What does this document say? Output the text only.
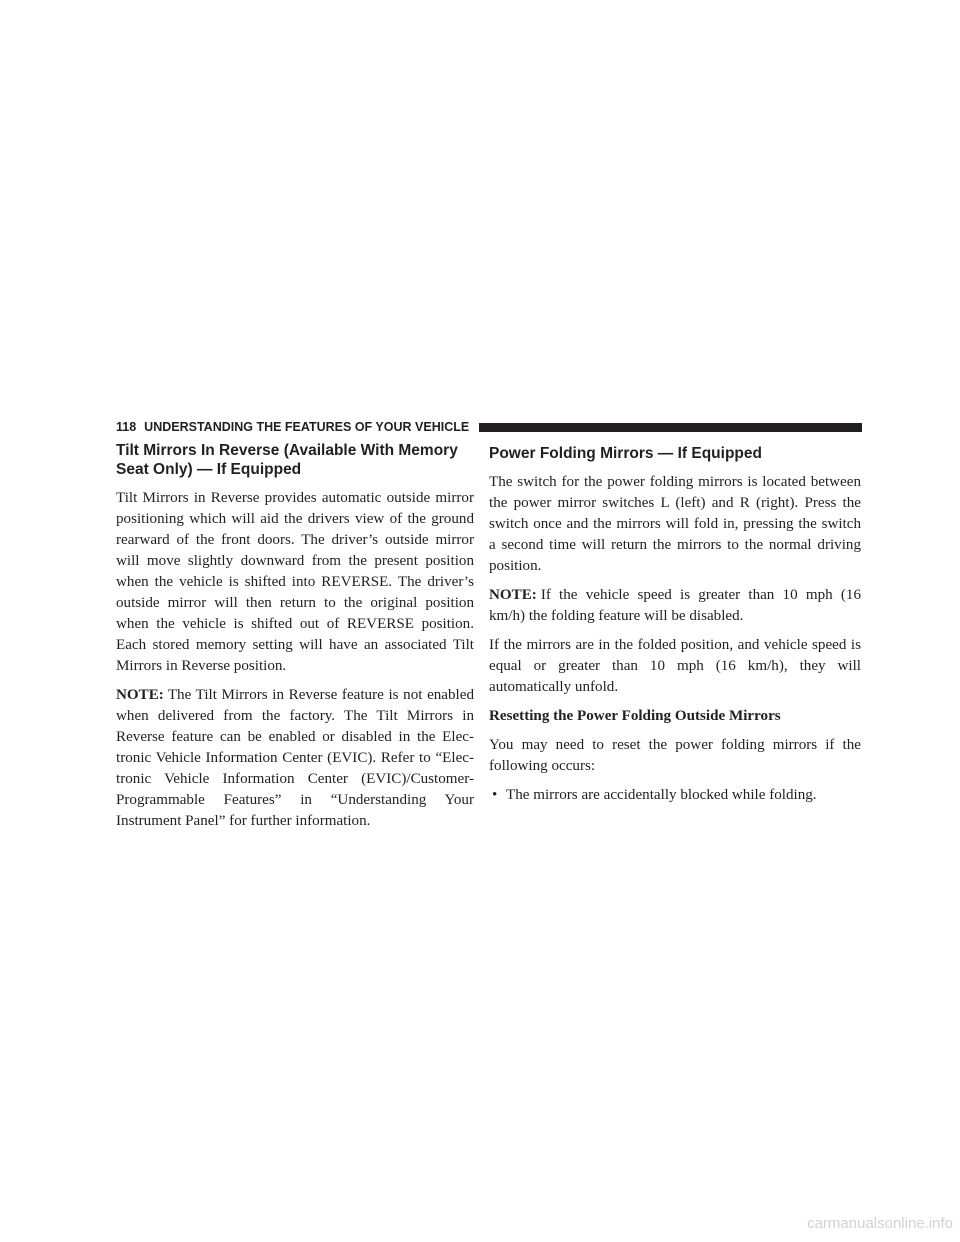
118 UNDERSTANDING THE FEATURES OF YOUR VEHICLE
Tilt Mirrors In Reverse (Available With Memory Seat Only) — If Equipped

Tilt Mirrors in Reverse provides automatic outside mirror positioning which will aid the drivers view of the ground rearward of the front doors. The driver’s outside mirror will move slightly downward from the present position when the vehicle is shifted into REVERSE. The driver’s outside mirror will then return to the original position when the vehicle is shifted out of REVERSE position. Each stored memory setting will have an associated Tilt Mirrors in Reverse position.

NOTE: The Tilt Mirrors in Reverse feature is not enabled when delivered from the factory. The Tilt Mirrors in Reverse feature can be enabled or disabled in the Elec-tronic Vehicle Information Center (EVIC). Refer to “Elec-tronic Vehicle Information Center (EVIC)/Customer-Programmable Features” in “Understanding Your Instrument Panel” for further information.

Power Folding Mirrors — If Equipped

The switch for the power folding mirrors is located between the power mirror switches L (left) and R (right). Press the switch once and the mirrors will fold in, pressing the switch a second time will return the mirrors to the normal driving position.

NOTE: If the vehicle speed is greater than 10 mph (16 km/h) the folding feature will be disabled.

If the mirrors are in the folded position, and vehicle speed is equal or greater than 10 mph (16 km/h), they will automatically unfold.

Resetting the Power Folding Outside Mirrors

You may need to reset the power folding mirrors if the following occurs:

• The mirrors are accidentally blocked while folding.
carmanualsonline.info
